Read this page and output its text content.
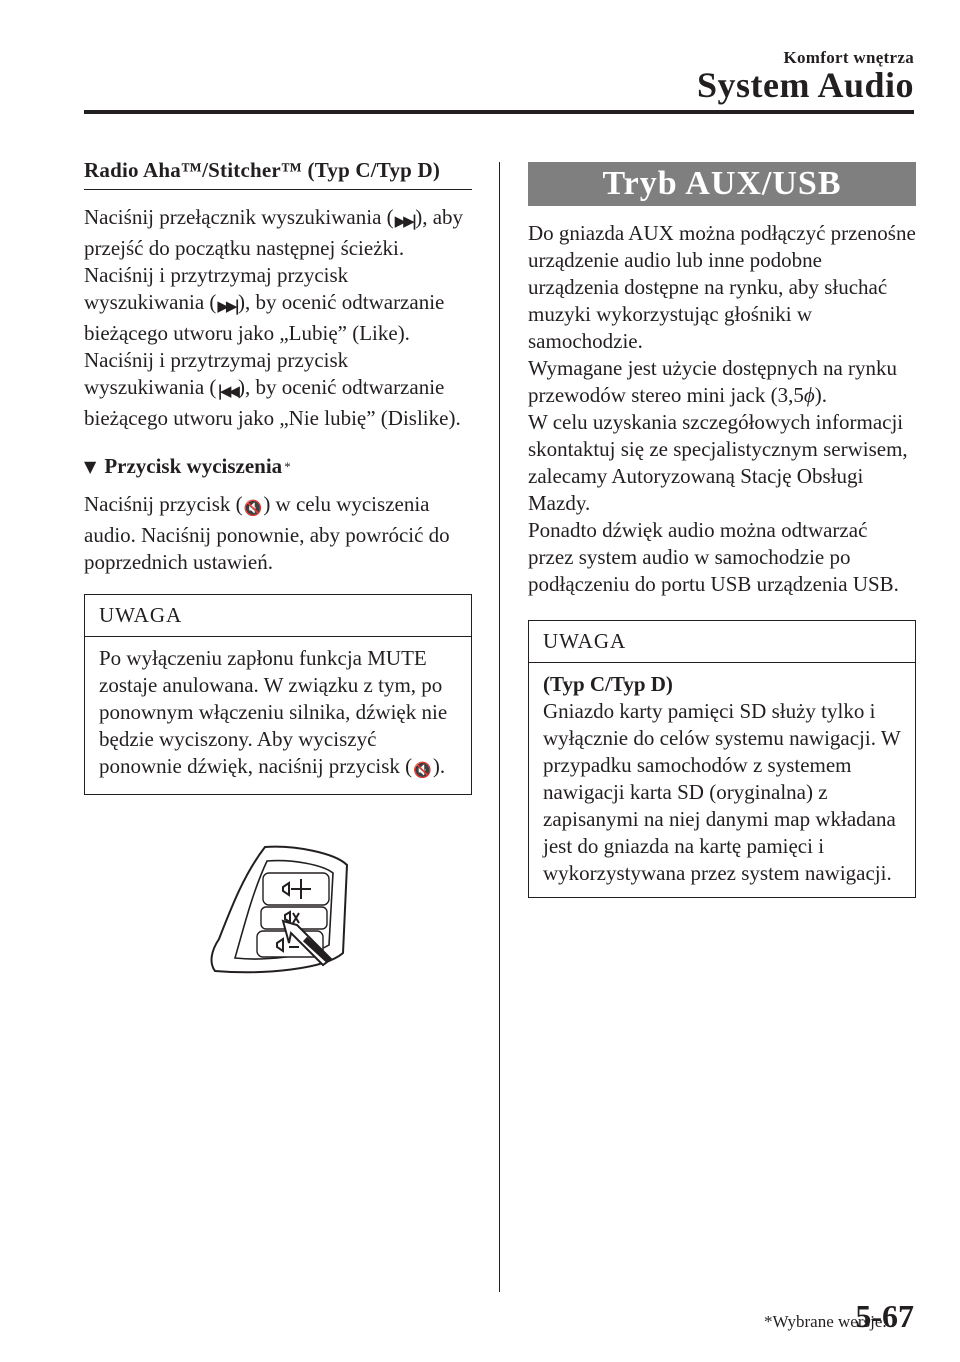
Komfort wnętrza
System Audio
Radio Aha™/Stitcher™ (Typ C/Typ D)

Naciśnij przełącznik wyszukiwania (▶▶|), aby przejść do początku następnej ścieżki.
Naciśnij i przytrzymaj przycisk wyszukiwania (▶▶|), by ocenić odtwarzanie bieżącego utworu jako „Lubię” (Like).
Naciśnij i przytrzymaj przycisk wyszukiwania (|◀◀), by ocenić odtwarzanie bieżącego utworu jako „Nie lubię” (Dislike).

▼ Przycisk wyciszenia *

Naciśnij przycisk (🔇) w celu wyciszenia audio. Naciśnij ponownie, aby powrócić do poprzednich ustawień.

UWAGA

Po wyłączeniu zapłonu funkcja MUTE zostaje anulowana. W związku z tym, po ponownym włączeniu silnika, dźwięk nie będzie wyciszony. Aby wyciszyć ponownie dźwięk, naciśnij przycisk (🔇).

Tryb AUX/USB

Do gniazda AUX można podłączyć przenośne urządzenie audio lub inne podobne urządzenia dostępne na rynku, aby słuchać muzyki wykorzystując głośniki w samochodzie.

Wymagane jest użycie dostępnych na rynku przewodów stereo mini jack (3,5ϕ).

W celu uzyskania szczegółowych informacji skontaktuj się ze specjalistycznym serwisem, zalecamy Autoryzowaną Stację Obsługi Mazdy.

Ponadto dźwięk audio można odtwarzać przez system audio w samochodzie po podłączeniu do portu USB urządzenia USB.

UWAGA

(Typ C/Typ D)

Gniazdo karty pamięci SD służy tylko i wyłącznie do celów systemu nawigacji. W przypadku samochodów z systemem nawigacji karta SD (oryginalna) z zapisanymi na niej danymi map wkładana jest do gniazda na kartę pamięci i wykorzystywana przez system nawigacji.

*Wybrane wersje.
5-67
